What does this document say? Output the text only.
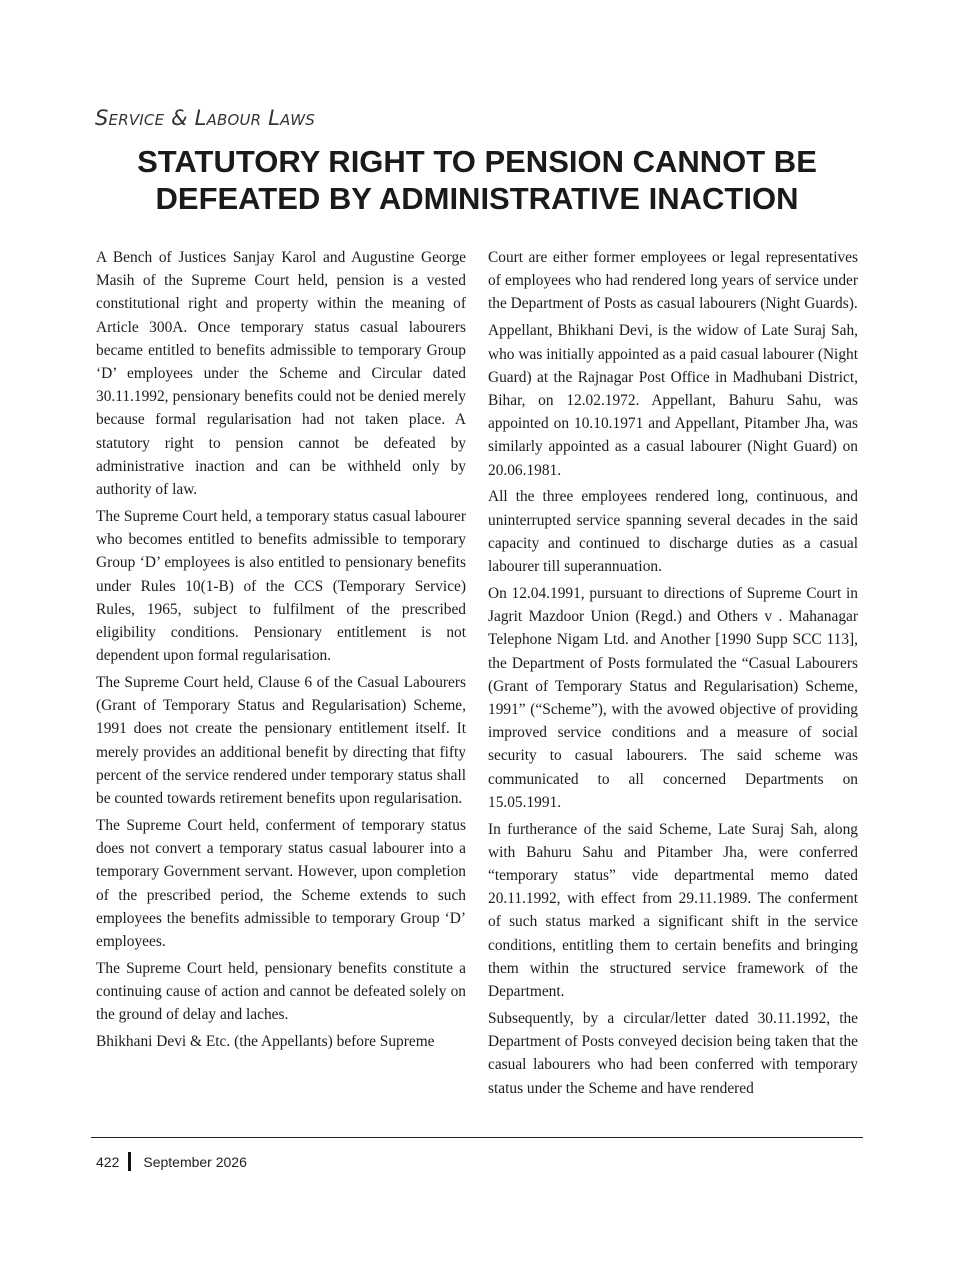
Service & Labour Laws
STATUTORY RIGHT TO PENSION CANNOT BE
DEFEATED BY ADMINISTRATIVE INACTION

A Bench of Justices Sanjay Karol and Augustine George Masih of the Supreme Court held, pension is a vested constitutional right and property within the meaning of Article 300A. Once temporary status casual labourers became entitled to benefits admissible to temporary Group ‘D’ employees under the Scheme and Circular dated 30.11.1992, pensionary benefits could not be denied merely because formal regularisation had not taken place. A statutory right to pension cannot be defeated by administrative inaction and can be withheld only by authority of law.

The Supreme Court held, a temporary status casual labourer who becomes entitled to benefits admissible to temporary Group ‘D’ employees is also entitled to pensionary benefits under Rules 10(1-B) of the CCS (Temporary Service) Rules, 1965, subject to fulfilment of the prescribed eligibility conditions. Pensionary entitlement is not dependent upon formal regularisation.

The Supreme Court held, Clause 6 of the Casual Labourers (Grant of Temporary Status and Regularisation) Scheme, 1991 does not create the pensionary entitlement itself. It merely provides an additional benefit by directing that fifty percent of the service rendered under temporary status shall be counted towards retirement benefits upon regularisation.

The Supreme Court held, conferment of temporary status does not convert a temporary status casual labourer into a temporary Government servant. However, upon completion of the prescribed period, the Scheme extends to such employees the benefits admissible to temporary Group ‘D’ employees.

The Supreme Court held, pensionary benefits constitute a continuing cause of action and cannot be defeated solely on the ground of delay and laches.

Bhikhani Devi & Etc. (the Appellants) before Supreme

Court are either former employees or legal representatives of employees who had rendered long years of service under the Department of Posts as casual labourers (Night Guards).

Appellant, Bhikhani Devi, is the widow of Late Suraj Sah, who was initially appointed as a paid casual labourer (Night Guard) at the Rajnagar Post Office in Madhubani District, Bihar, on 12.02.1972. Appellant, Bahuru Sahu, was appointed on 10.10.1971 and Appellant, Pitamber Jha, was similarly appointed as a casual labourer (Night Guard) on 20.06.1981.

All the three employees rendered long, continuous, and uninterrupted service spanning several decades in the said capacity and continued to discharge duties as a casual labourer till superannuation.

On 12.04.1991, pursuant to directions of Supreme Court in Jagrit Mazdoor Union (Regd.) and Others v . Mahanagar Telephone Nigam Ltd. and Another [1990 Supp SCC 113], the Department of Posts formulated the “Casual Labourers (Grant of Temporary Status and Regularisation) Scheme, 1991” (“Scheme”), with the avowed objective of providing improved service conditions and a measure of social security to casual labourers. The said scheme was communicated to all concerned Departments on 15.05.1991.

In furtherance of the said Scheme, Late Suraj Sah, along with Bahuru Sahu and Pitamber Jha, were conferred “temporary status” vide departmental memo dated 20.11.1992, with effect from 29.11.1989. The conferment of such status marked a significant shift in the service conditions, entitling them to certain benefits and bringing them within the structured service framework of the Department.

Subsequently, by a circular/letter dated 30.11.1992, the Department of Posts conveyed decision being taken that the casual labourers who had been conferred with temporary status under the Scheme and have rendered

422 September 2026
